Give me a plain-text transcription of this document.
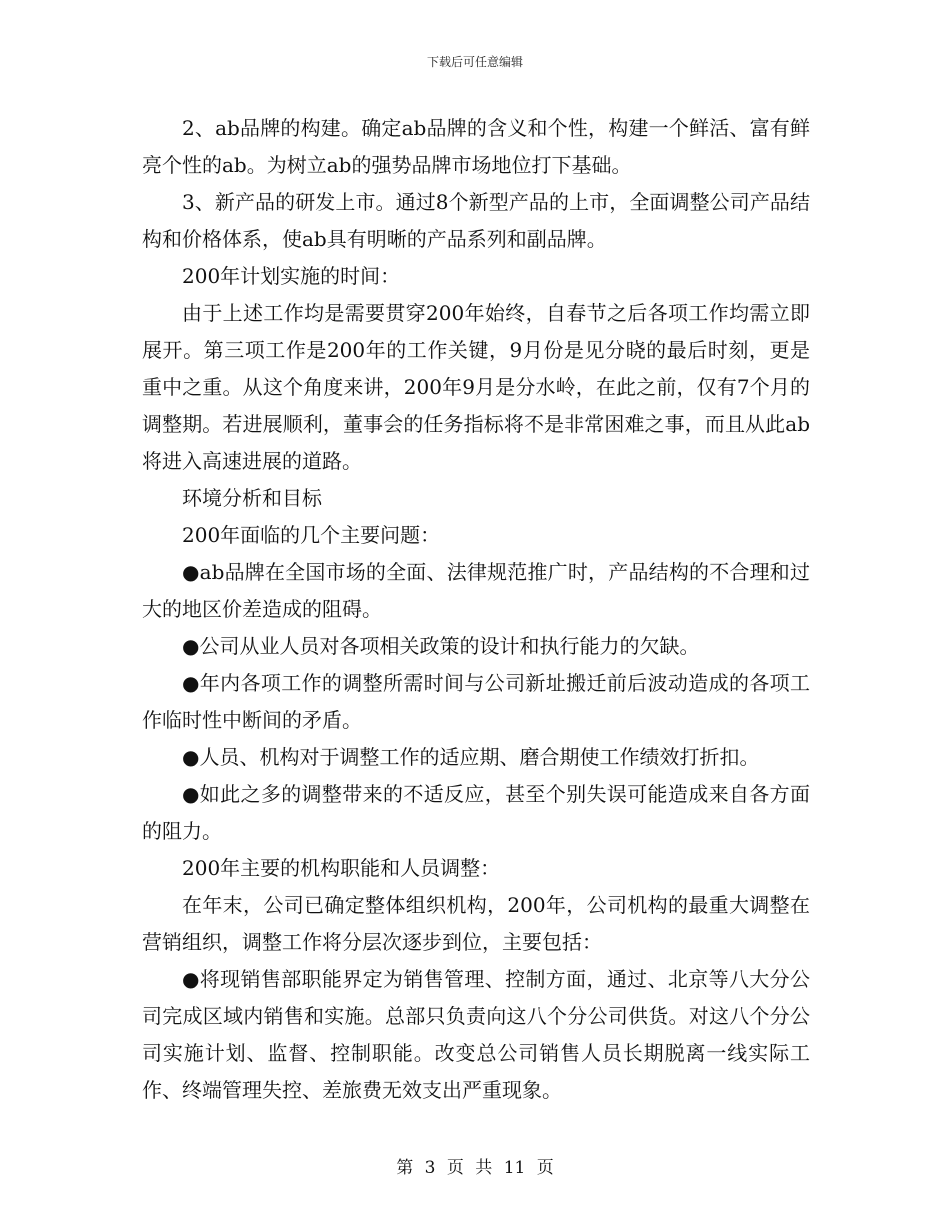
下载后可任意编辑

2、ab品牌的构建。确定ab品牌的含义和个性，构建一个鲜活、富有鲜亮个性的ab。为树立ab的强势品牌市场地位打下基础。

3、新产品的研发上市。通过8个新型产品的上市，全面调整公司产品结构和价格体系，使ab具有明晰的产品系列和副品牌。

200年计划实施的时间：

由于上述工作均是需要贯穿200年始终，自春节之后各项工作均需立即展开。第三项工作是200年的工作关键，9月份是见分晓的最后时刻，更是重中之重。从这个角度来讲，200年9月是分水岭，在此之前，仅有7个月的调整期。若进展顺利，董事会的任务指标将不是非常困难之事，而且从此ab将进入高速进展的道路。

环境分析和目标

200年面临的几个主要问题：

●ab品牌在全国市场的全面、法律规范推广时，产品结构的不合理和过大的地区价差造成的阻碍。

●公司从业人员对各项相关政策的设计和执行能力的欠缺。

●年内各项工作的调整所需时间与公司新址搬迁前后波动造成的各项工作临时性中断间的矛盾。

●人员、机构对于调整工作的适应期、磨合期使工作绩效打折扣。

●如此之多的调整带来的不适反应，甚至个别失误可能造成来自各方面的阻力。

200年主要的机构职能和人员调整：

在年末，公司已确定整体组织机构，200年，公司机构的最重大调整在营销组织，调整工作将分层次逐步到位，主要包括：

●将现销售部职能界定为销售管理、控制方面，通过、北京等八大分公司完成区域内销售和实施。总部只负责向这八个分公司供货。对这八个分公司实施计划、监督、控制职能。改变总公司销售人员长期脱离一线实际工作、终端管理失控、差旅费无效支出严重现象。

第 3 页 共 11 页
